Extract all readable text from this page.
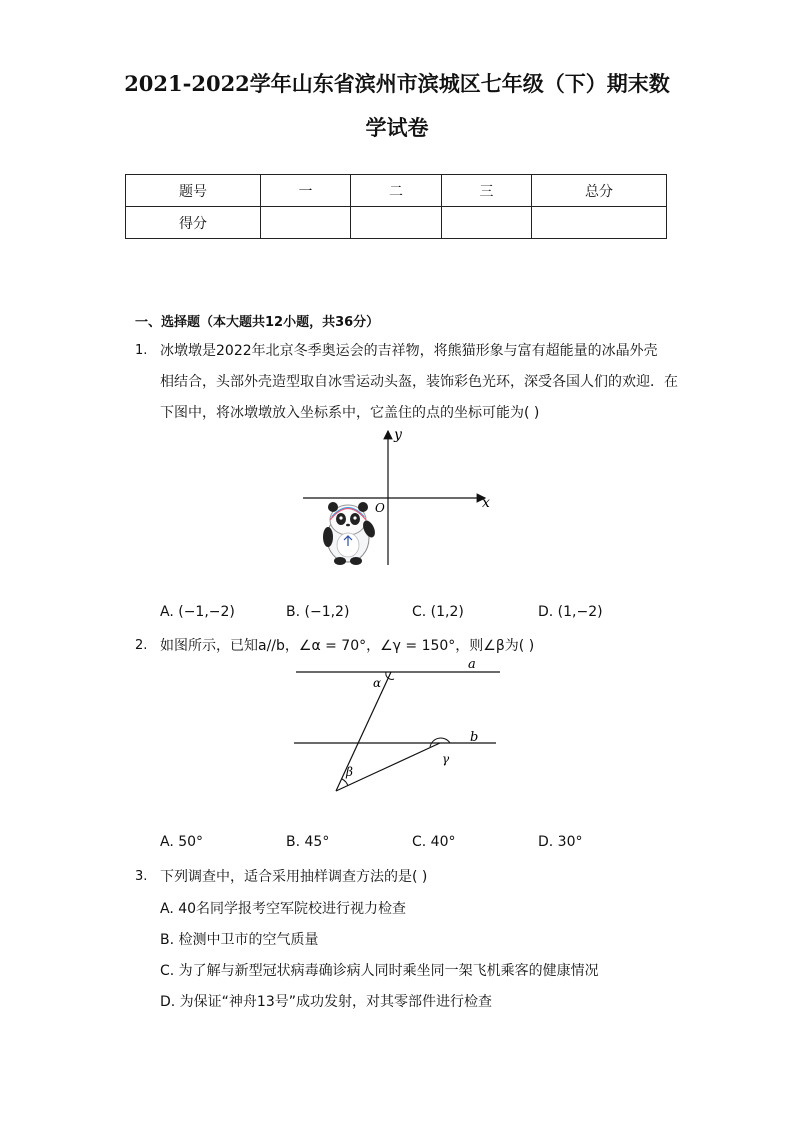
2021-2022学年山东省滨州市滨城区七年级（下）期末数
学试卷
题号	一	二	三	总分
得分				
一、选择题（本大题共12小题，共36分）
1. 冰墩墩是2022年北京冬季奥运会的吉祥物，将熊猫形象与富有超能量的冰晶外壳
相结合，头部外壳造型取自冰雪运动头盔，装饰彩色光环，深受各国人们的欢迎．在
下图中，将冰墩墩放入坐标系中，它盖住的点的坐标可能为( )
y
x
O
A. (−1,−2)	B. (−1,2)	C. (1,2)	D. (1,−2)
2. 如图所示，已知a//b，∠α = 70°，∠γ = 150°，则∠β为( )
a
b
α
β
γ
A. 50°	B. 45°	C. 40°	D. 30°
3. 下列调查中，适合采用抽样调查方法的是( )
A. 40名同学报考空军院校进行视力检查
B. 检测中卫市的空气质量
C. 为了解与新型冠状病毒确诊病人同时乘坐同一架飞机乘客的健康情况
D. 为保证“神舟13号”成功发射，对其零部件进行检查
